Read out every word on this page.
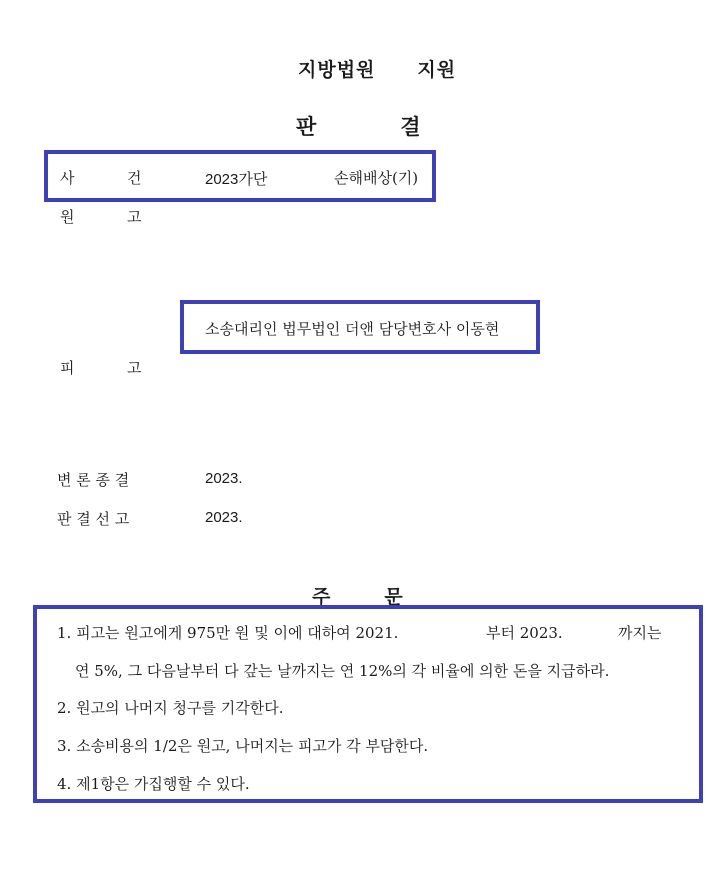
지방법원 지원
판	결
사	건	2023가단	손해배상(기)
원	고
소송대리인 법무법인 더앤 담당변호사 이동현
피	고
변 론 종 결	2023.
판 결 선 고	2023.
주	문
1. 피고는 원고에게 975만 원 및 이에 대하여 2021.	부터 2023.	까지는
연 5%, 그 다음날부터 다 갚는 날까지는 연 12%의 각 비율에 의한 돈을 지급하라.
2. 원고의 나머지 청구를 기각한다.
3. 소송비용의 1/2은 원고, 나머지는 피고가 각 부담한다.
4. 제1항은 가집행할 수 있다.
